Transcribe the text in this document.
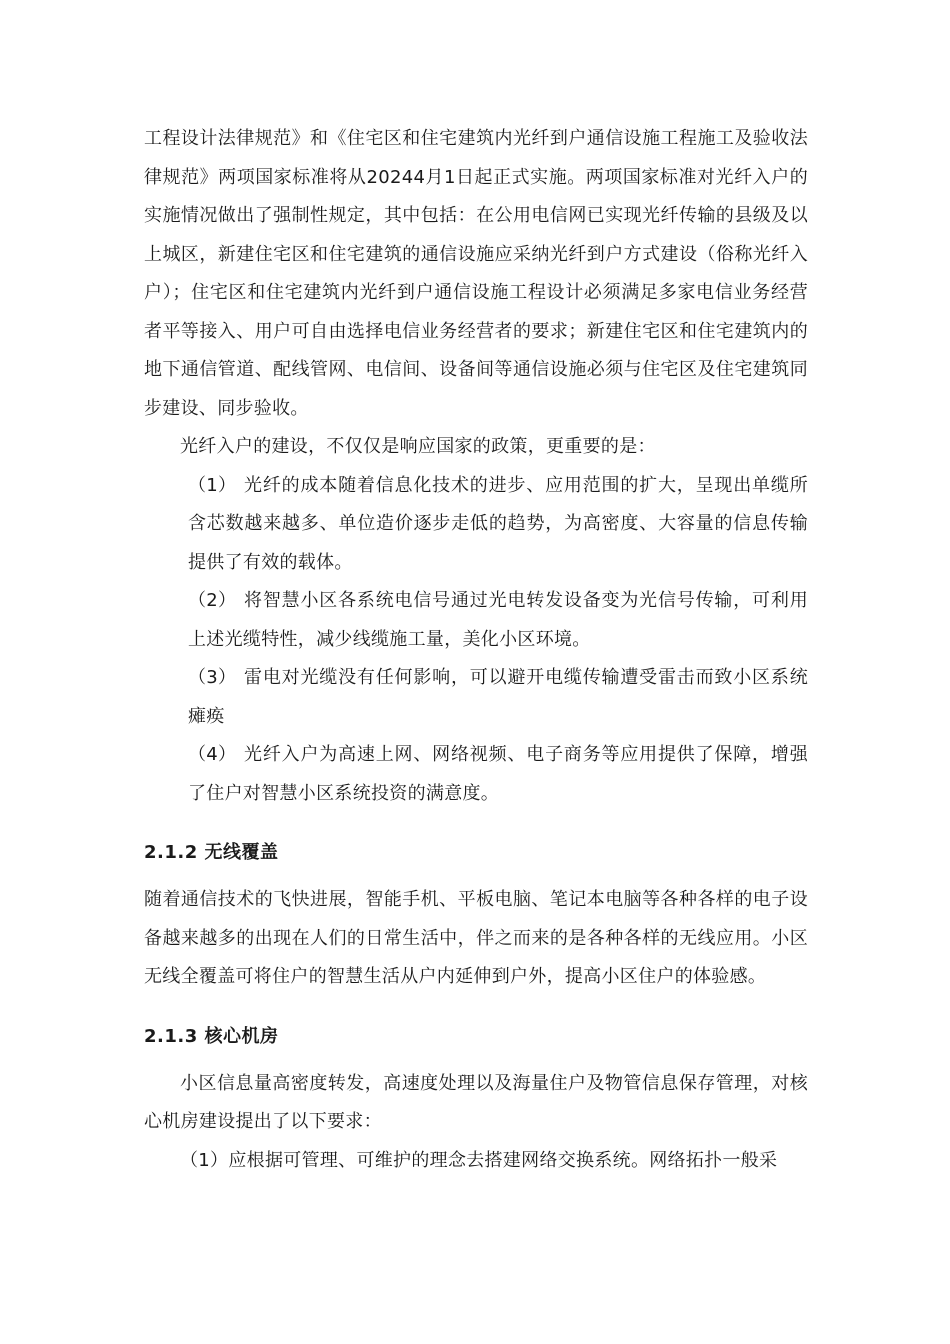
工程设计法律规范》和《住宅区和住宅建筑内光纤到户通信设施工程施工及验收法律规范》两项国家标准将从20244月1日起正式实施。两项国家标准对光纤入户的实施情况做出了强制性规定，其中包括：在公用电信网已实现光纤传输的县级及以上城区，新建住宅区和住宅建筑的通信设施应采纳光纤到户方式建设（俗称光纤入户）；住宅区和住宅建筑内光纤到户通信设施工程设计必须满足多家电信业务经营者平等接入、用户可自由选择电信业务经营者的要求；新建住宅区和住宅建筑内的地下通信管道、配线管网、电信间、设备间等通信设施必须与住宅区及住宅建筑同步建设、同步验收。

光纤入户的建设，不仅仅是响应国家的政策，更重要的是：

（1） 光纤的成本随着信息化技术的进步、应用范围的扩大，呈现出单缆所含芯数越来越多、单位造价逐步走低的趋势，为高密度、大容量的信息传输提供了有效的载体。

（2） 将智慧小区各系统电信号通过光电转发设备变为光信号传输，可利用上述光缆特性，减少线缆施工量，美化小区环境。

（3） 雷电对光缆没有任何影响，可以避开电缆传输遭受雷击而致小区系统瘫痪

（4） 光纤入户为高速上网、网络视频、电子商务等应用提供了保障，增强了住户对智慧小区系统投资的满意度。

2.1.2 无线覆盖

随着通信技术的飞快进展，智能手机、平板电脑、笔记本电脑等各种各样的电子设备越来越多的出现在人们的日常生活中，伴之而来的是各种各样的无线应用。小区无线全覆盖可将住户的智慧生活从户内延伸到户外，提高小区住户的体验感。

2.1.3 核心机房

小区信息量高密度转发，高速度处理以及海量住户及物管信息保存管理，对核心机房建设提出了以下要求：

（1）应根据可管理、可维护的理念去搭建网络交换系统。网络拓扑一般采
